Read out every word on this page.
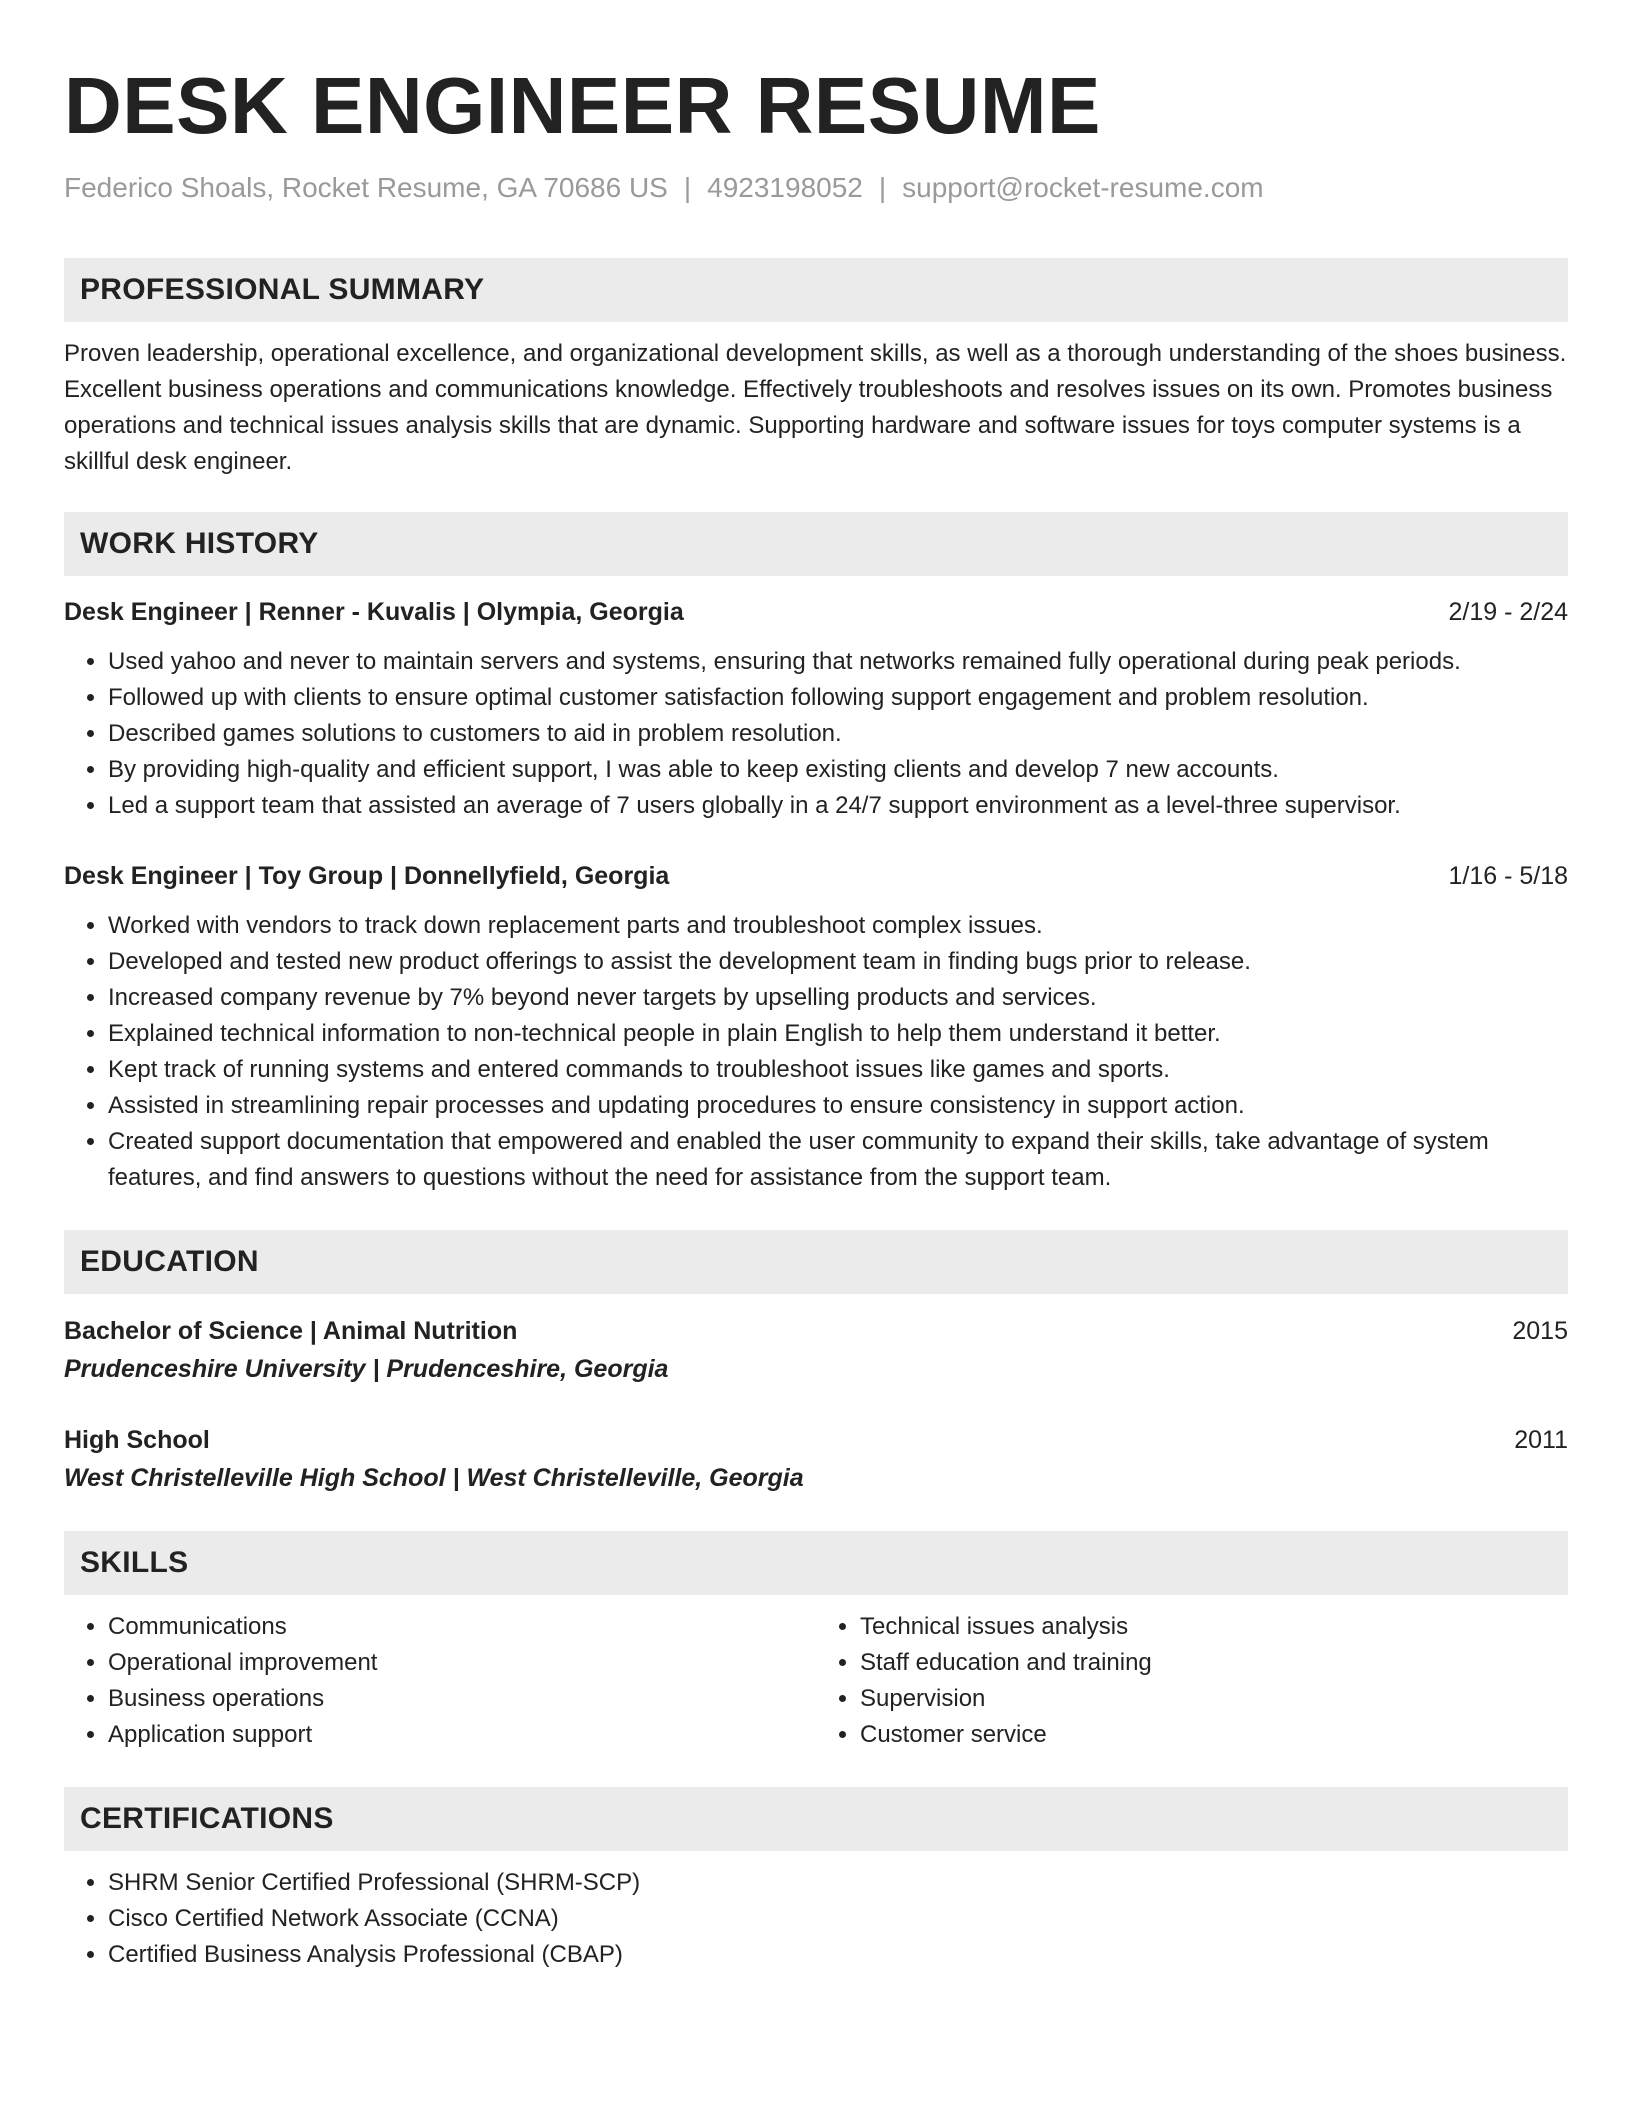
DESK ENGINEER RESUME
Federico Shoals, Rocket Resume, GA 70686 US | 4923198052 | support@rocket-resume.com
PROFESSIONAL SUMMARY
Proven leadership, operational excellence, and organizational development skills, as well as a thorough understanding of the shoes business. Excellent business operations and communications knowledge. Effectively troubleshoots and resolves issues on its own. Promotes business operations and technical issues analysis skills that are dynamic. Supporting hardware and software issues for toys computer systems is a skillful desk engineer.
WORK HISTORY
Desk Engineer | Renner - Kuvalis | Olympia, Georgia	2/19 - 2/24
• Used yahoo and never to maintain servers and systems, ensuring that networks remained fully operational during peak periods.
• Followed up with clients to ensure optimal customer satisfaction following support engagement and problem resolution.
• Described games solutions to customers to aid in problem resolution.
• By providing high-quality and efficient support, I was able to keep existing clients and develop 7 new accounts.
• Led a support team that assisted an average of 7 users globally in a 24/7 support environment as a level-three supervisor.
Desk Engineer | Toy Group | Donnellyfield, Georgia	1/16 - 5/18
• Worked with vendors to track down replacement parts and troubleshoot complex issues.
• Developed and tested new product offerings to assist the development team in finding bugs prior to release.
• Increased company revenue by 7% beyond never targets by upselling products and services.
• Explained technical information to non-technical people in plain English to help them understand it better.
• Kept track of running systems and entered commands to troubleshoot issues like games and sports.
• Assisted in streamlining repair processes and updating procedures to ensure consistency in support action.
• Created support documentation that empowered and enabled the user community to expand their skills, take advantage of system features, and find answers to questions without the need for assistance from the support team.
EDUCATION
Bachelor of Science | Animal Nutrition	2015
Prudenceshire University | Prudenceshire, Georgia
High School	2011
West Christelleville High School | West Christelleville, Georgia
SKILLS
• Communications
• Operational improvement
• Business operations
• Application support
• Technical issues analysis
• Staff education and training
• Supervision
• Customer service
CERTIFICATIONS
• SHRM Senior Certified Professional (SHRM-SCP)
• Cisco Certified Network Associate (CCNA)
• Certified Business Analysis Professional (CBAP)
